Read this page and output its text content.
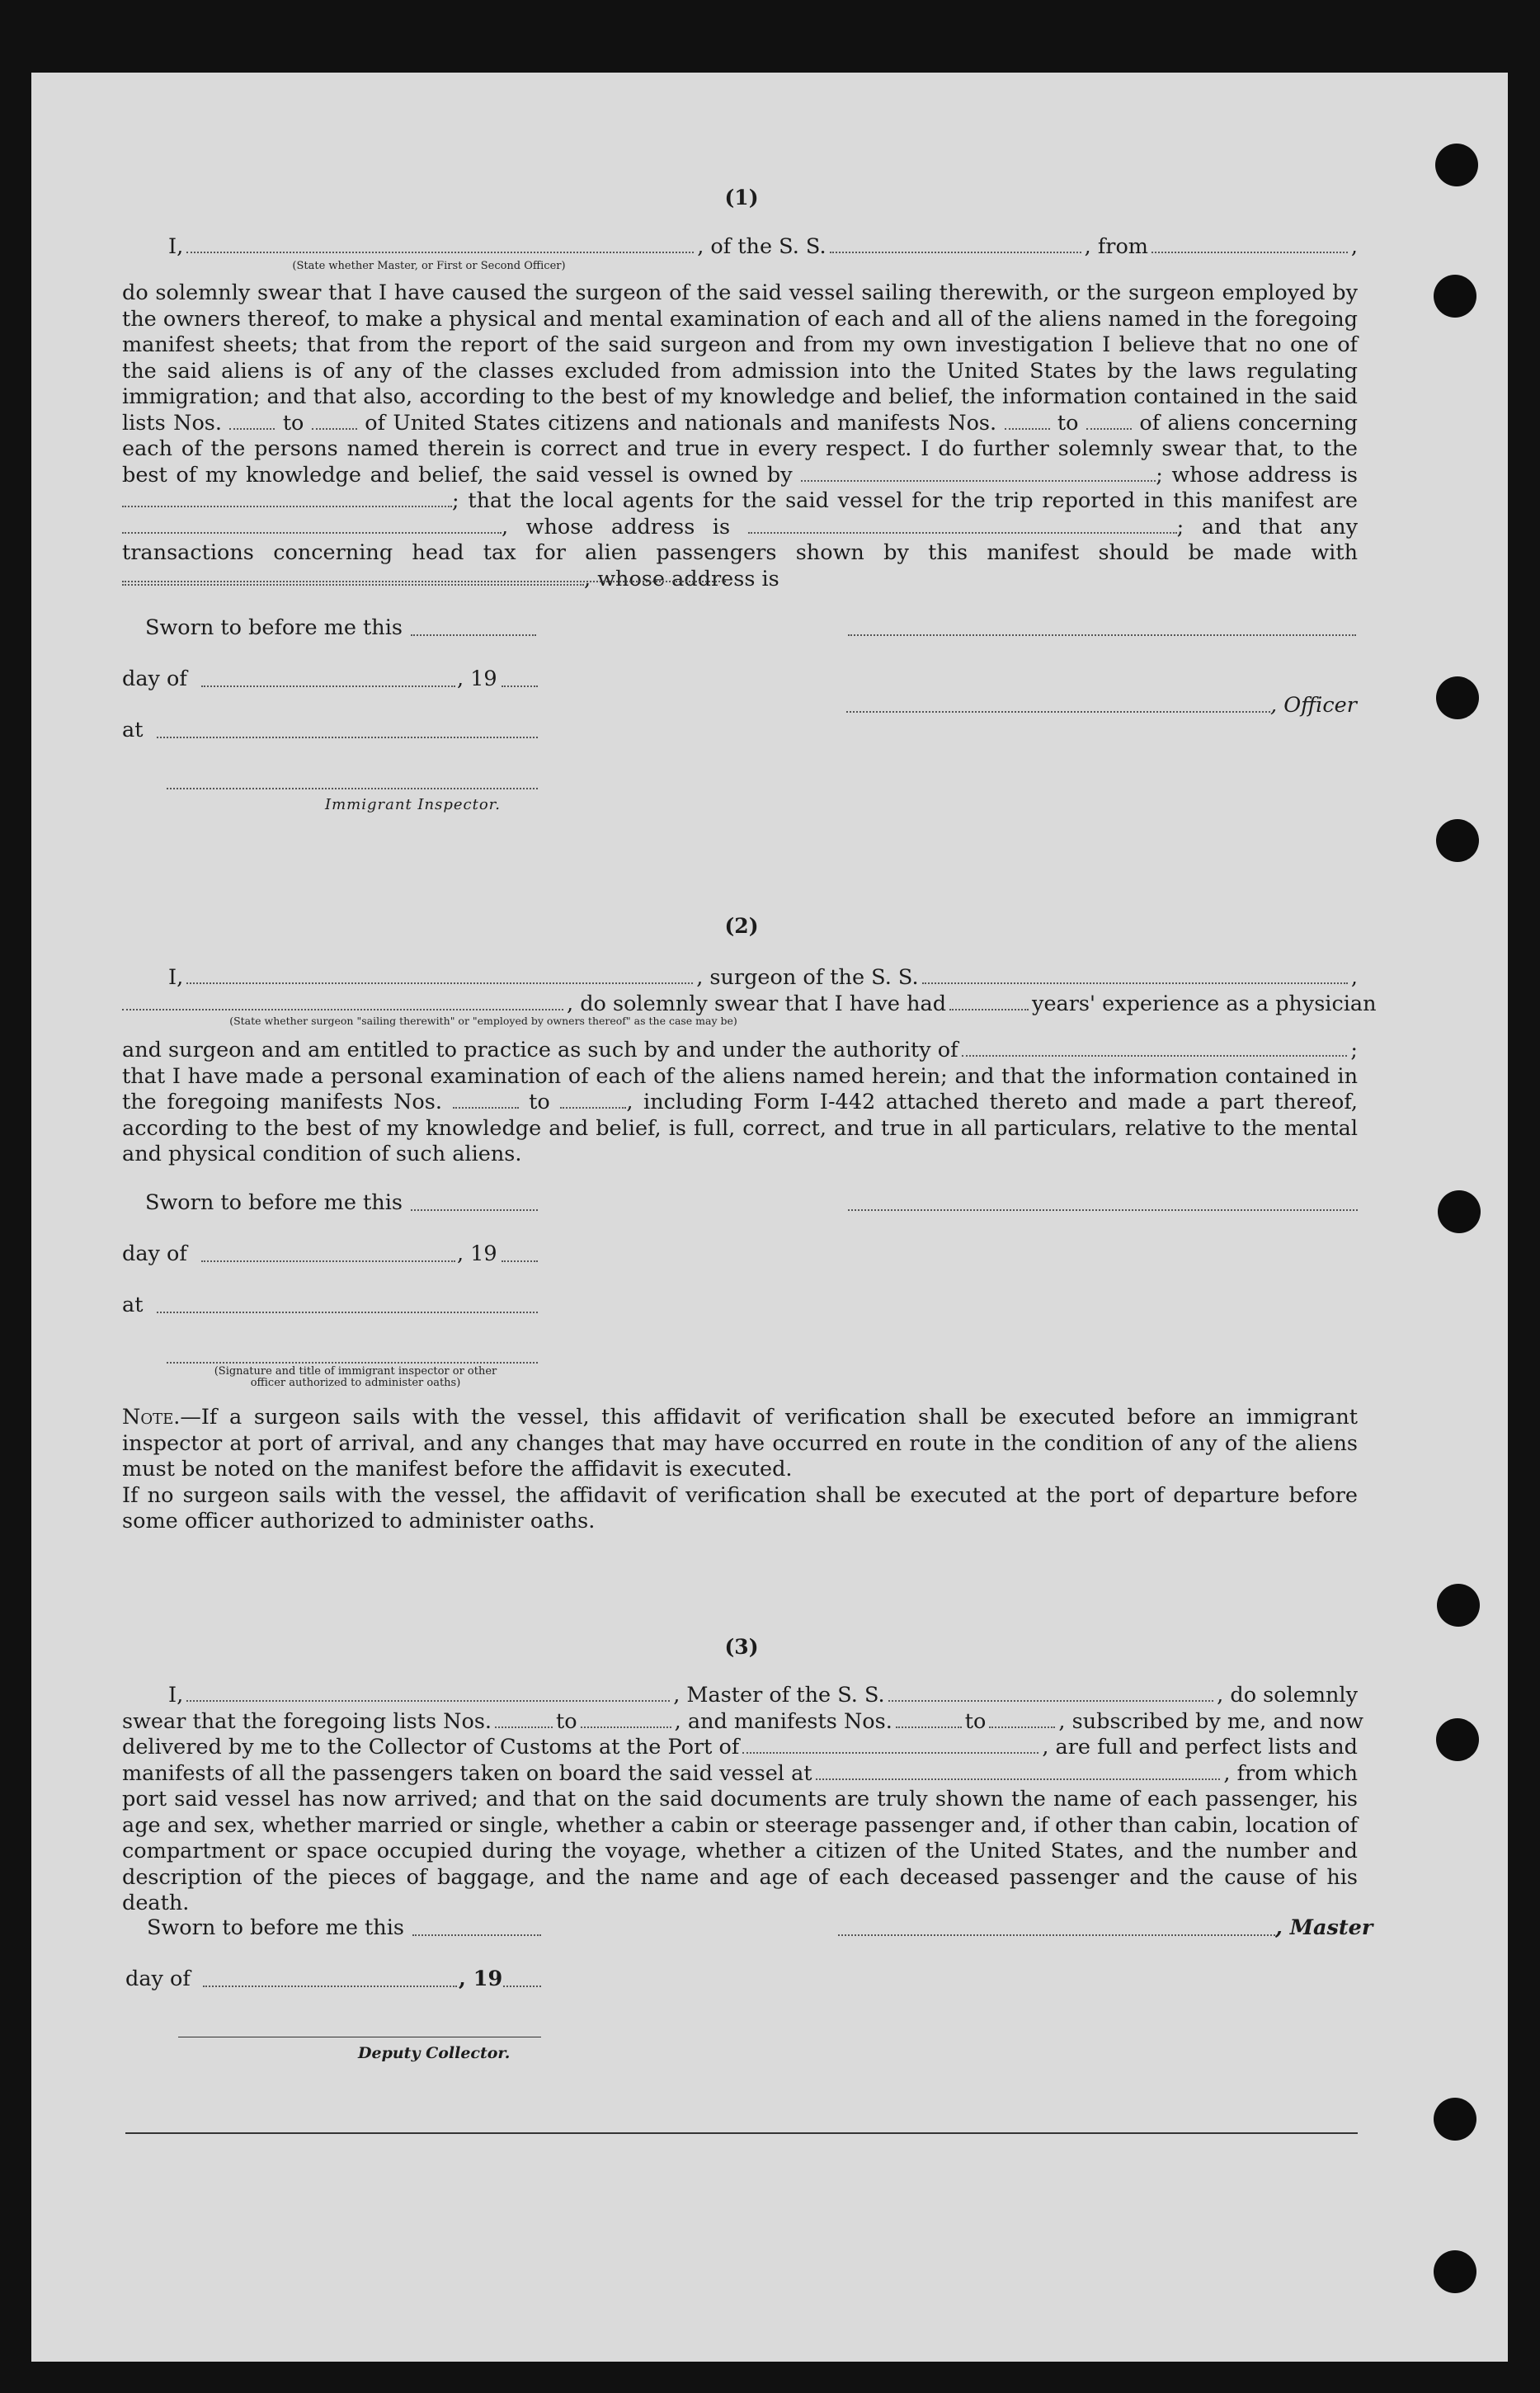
(1)
I,	, of the S. S.	, from	,
(State whether Master, or First or Second Officer)

do solemnly swear that I have caused the surgeon of the said vessel sailing therewith, or the surgeon employed by the owners thereof, to make a physical and mental examination of each and all of the aliens named in the foregoing manifest sheets; that from the report of the said surgeon and from my own investigation I believe that no one of the said aliens is of any of the classes excluded from admission into the United States by the laws regulating immigration; and that also, according to the best of my knowledge and belief, the information contained in the said lists Nos.	to	of United States citizens and nationals and manifests Nos.	to	of aliens concerning each of the persons named therein is correct and true in every respect. I do further solemnly swear that, to the best of my knowledge and belief, the said vessel is owned by	; whose address is ; that the local agents for the said vessel for the trip reported in this manifest are , whose address is	; and that any transactions concerning head tax for alien passengers shown by this manifest should be made with , whose address is

Sworn to before me this
day of	, 19
, Officer
at
Immigrant Inspector.
(2)
I,	, surgeon of the S. S.	,
, do solemnly swear that I have had	years' experience as a physician
(State whether surgeon "sailing therewith" or "employed by owners thereof" as the case may be)
and surgeon and am entitled to practice as such by and under the authority of	;

that I have made a personal examination of each of the aliens named herein; and that the information contained in the foregoing manifests Nos.	to	, including Form I-442 attached thereto and made a part thereof, according to the best of my knowledge and belief, is full, correct, and true in all particulars, relative to the mental and physical condition of such aliens.

Sworn to before me this
day of	, 19
at
(Signature and title of immigrant inspector or other officer authorized to administer oaths)

Note.—If a surgeon sails with the vessel, this affidavit of verification shall be executed before an immigrant inspector at port of arrival, and any changes that may have occurred en route in the condition of any of the aliens must be noted on the manifest before the affidavit is executed.

If no surgeon sails with the vessel, the affidavit of verification shall be executed at the port of departure before some officer authorized to administer oaths.

(3)
I,	, Master of the S. S.	, do solemnly
swear that the foregoing lists Nos.	to	, and manifests Nos.	to	, subscribed by me, and now
delivered by me to the Collector of Customs at the Port of	, are full and perfect lists and
manifests of all the passengers taken on board the said vessel at	, from which

port said vessel has now arrived; and that on the said documents are truly shown the name of each passenger, his age and sex, whether married or single, whether a cabin or steerage passenger and, if other than cabin, location of compartment or space occupied during the voyage, whether a citizen of the United States, and the number and description of the pieces of baggage, and the name and age of each deceased passenger and the cause of his death.

Sworn to before me this	, Master
day of	, 19
Deputy Collector.
